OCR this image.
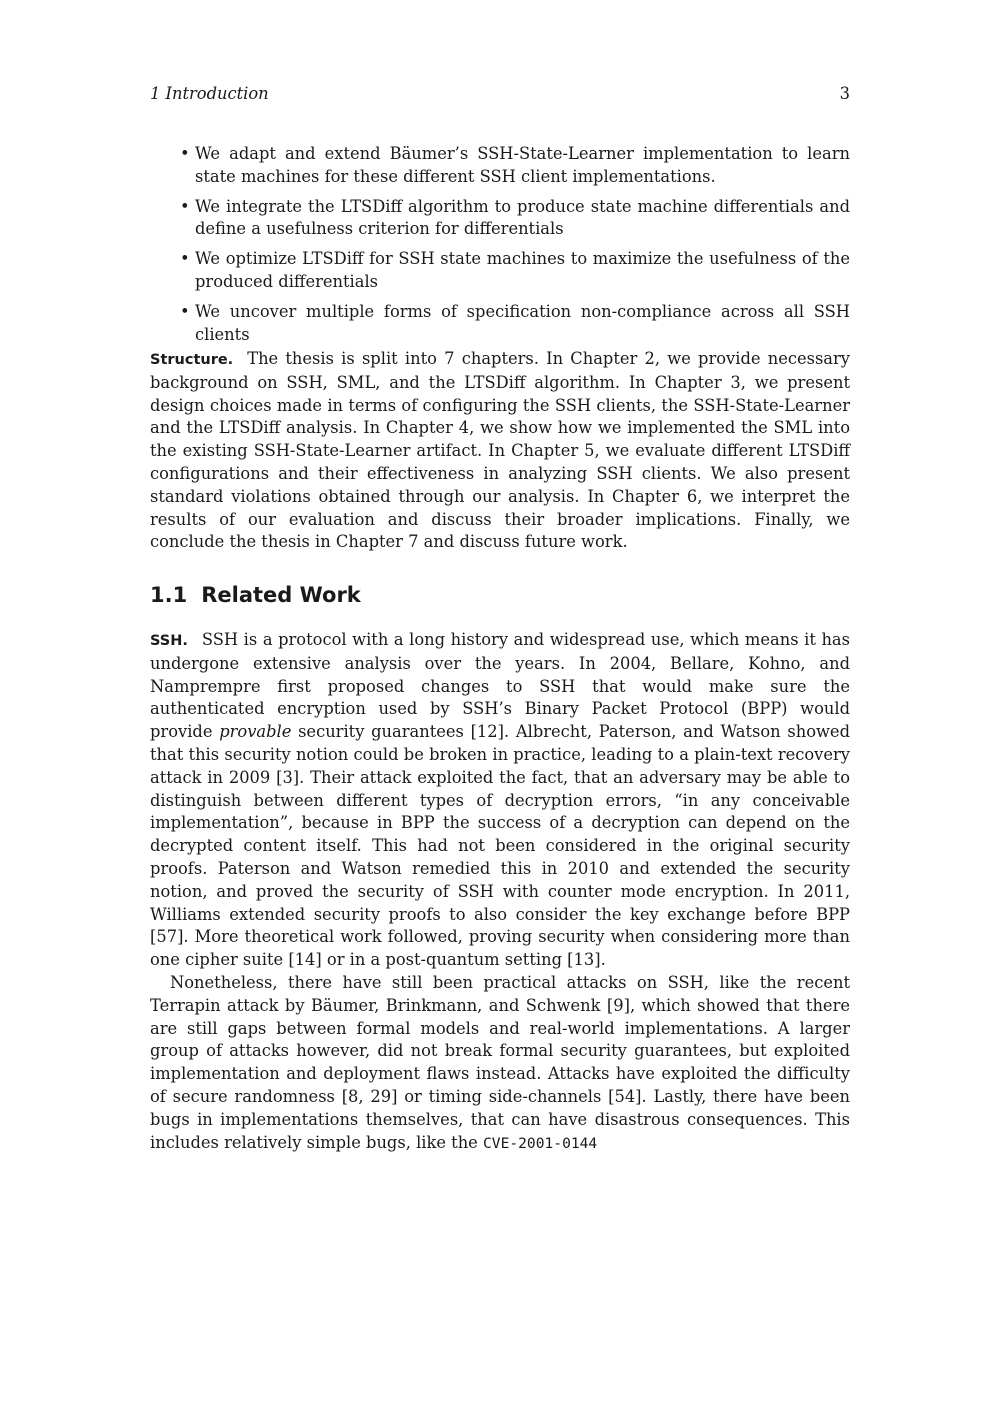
1 Introduction	3
• We adapt and extend Bäumer’s SSH-State-Learner implementation to learn state machines for these different SSH client implementations.
• We integrate the LTSDiff algorithm to produce state machine differentials and define a usefulness criterion for differentials
• We optimize LTSDiff for SSH state machines to maximize the usefulness of the produced differentials
• We uncover multiple forms of specification non-compliance across all SSH clients

Structure. The thesis is split into 7 chapters. In Chapter 2, we provide necessary background on SSH, SML, and the LTSDiff algorithm. In Chapter 3, we present design choices made in terms of configuring the SSH clients, the SSH-State-Learner and the LTSDiff analysis. In Chapter 4, we show how we implemented the SML into the existing SSH-State-Learner artifact. In Chapter 5, we evaluate different LTSDiff configurations and their effectiveness in analyzing SSH clients. We also present standard violations obtained through our analysis. In Chapter 6, we interpret the results of our evaluation and discuss their broader implications. Finally, we conclude the thesis in Chapter 7 and discuss future work.

1.1 Related Work

SSH. SSH is a protocol with a long history and widespread use, which means it has undergone extensive analysis over the years. In 2004, Bellare, Kohno, and Namprempre first proposed changes to SSH that would make sure the authenticated encryption used by SSH’s Binary Packet Protocol (BPP) would provide provable security guarantees [12]. Albrecht, Paterson, and Watson showed that this security notion could be broken in practice, leading to a plain-text recovery attack in 2009 [3]. Their attack exploited the fact, that an adversary may be able to distinguish between different types of decryption errors, “in any conceivable implementation”, because in BPP the success of a decryption can depend on the decrypted content itself. This had not been considered in the original security proofs. Paterson and Watson remedied this in 2010 and extended the security notion, and proved the security of SSH with counter mode encryption. In 2011, Williams extended security proofs to also consider the key exchange before BPP [57]. More theoretical work followed, proving security when considering more than one cipher suite [14] or in a post-quantum setting [13].

Nonetheless, there have still been practical attacks on SSH, like the recent Terrapin attack by Bäumer, Brinkmann, and Schwenk [9], which showed that there are still gaps between formal models and real-world implementations. A larger group of attacks however, did not break formal security guarantees, but exploited implementation and deployment flaws instead. Attacks have exploited the difficulty of secure randomness [8, 29] or timing side-channels [54]. Lastly, there have been bugs in implementations themselves, that can have disastrous consequences. This includes relatively simple bugs, like the CVE-2001-0144
